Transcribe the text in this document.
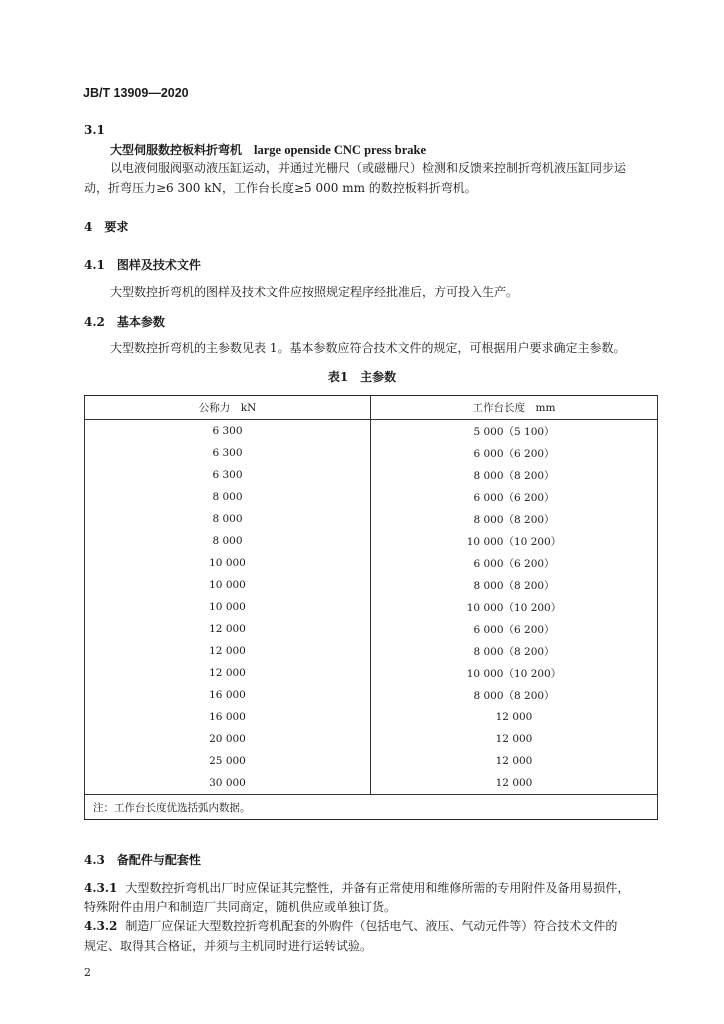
JB/T 13909—2020
3.1
大型伺服数控板料折弯机 large openside CNC press brake
以电液伺服阀驱动液压缸运动，并通过光栅尺（或磁栅尺）检测和反馈来控制折弯机液压缸同步运
动，折弯压力≥6 300 kN，工作台长度≥5 000 mm 的数控板料折弯机。
4 要求
4.1 图样及技术文件
大型数控折弯机的图样及技术文件应按照规定程序经批准后，方可投入生产。
4.2 基本参数
大型数控折弯机的主参数见表 1。基本参数应符合技术文件的规定，可根据用户要求确定主参数。
表1　主参数
公称力　kN	工作台长度　mm
6 300	5 000（5 100）
6 300	6 000（6 200）
6 300	8 000（8 200）
8 000	6 000（6 200）
8 000	8 000（8 200）
8 000	10 000（10 200）
10 000	6 000（6 200）
10 000	8 000（8 200）
10 000	10 000（10 200）
12 000	6 000（6 200）
12 000	8 000（8 200）
12 000	10 000（10 200）
16 000	8 000（8 200）
16 000	12 000
20 000	12 000
25 000	12 000
30 000	12 000
注：工作台长度优选括弧内数据。	
4.3 备配件与配套性
4.3.1 大型数控折弯机出厂时应保证其完整性，并备有正常使用和维修所需的专用附件及备用易损件，
特殊附件由用户和制造厂共同商定，随机供应或单独订货。
4.3.2 制造厂应保证大型数控折弯机配套的外购件（包括电气、液压、气动元件等）符合技术文件的
规定、取得其合格证，并须与主机同时进行运转试验。
2
